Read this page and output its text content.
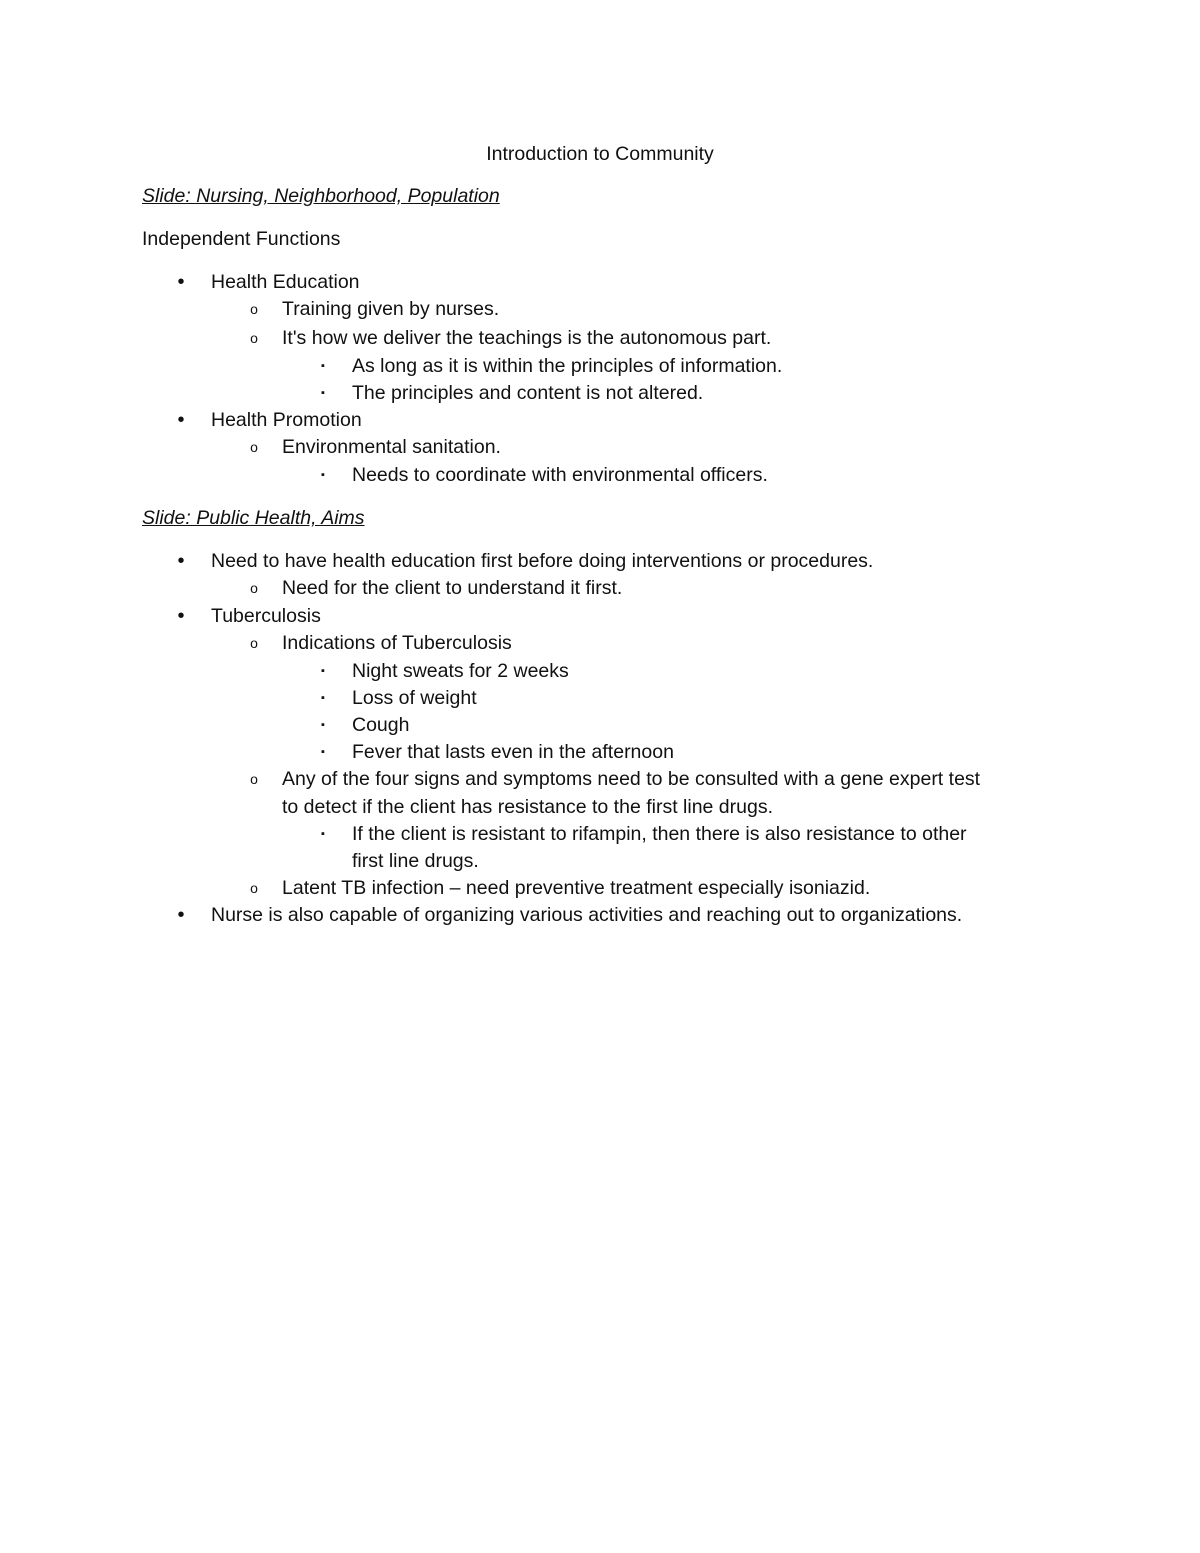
Introduction to Community
Slide: Nursing, Neighborhood, Population
Independent Functions
•	Health Education
o	Training given by nurses.
o	It's how we deliver the teachings is the autonomous part.
▪	As long as it is within the principles of information.
▪	The principles and content is not altered.
•	Health Promotion
o	Environmental sanitation.
▪	Needs to coordinate with environmental officers.
Slide: Public Health, Aims
•	Need to have health education first before doing interventions or procedures.
o	Need for the client to understand it first.
•	Tuberculosis
o	Indications of Tuberculosis
▪	Night sweats for 2 weeks
▪	Loss of weight
▪	Cough
▪	Fever that lasts even in the afternoon
o	Any of the four signs and symptoms need to be consulted with a gene expert test
to detect if the client has resistance to the first line drugs.
▪	If the client is resistant to rifampin, then there is also resistance to other
first line drugs.
o	Latent TB infection – need preventive treatment especially isoniazid.
•	Nurse is also capable of organizing various activities and reaching out to organizations.
